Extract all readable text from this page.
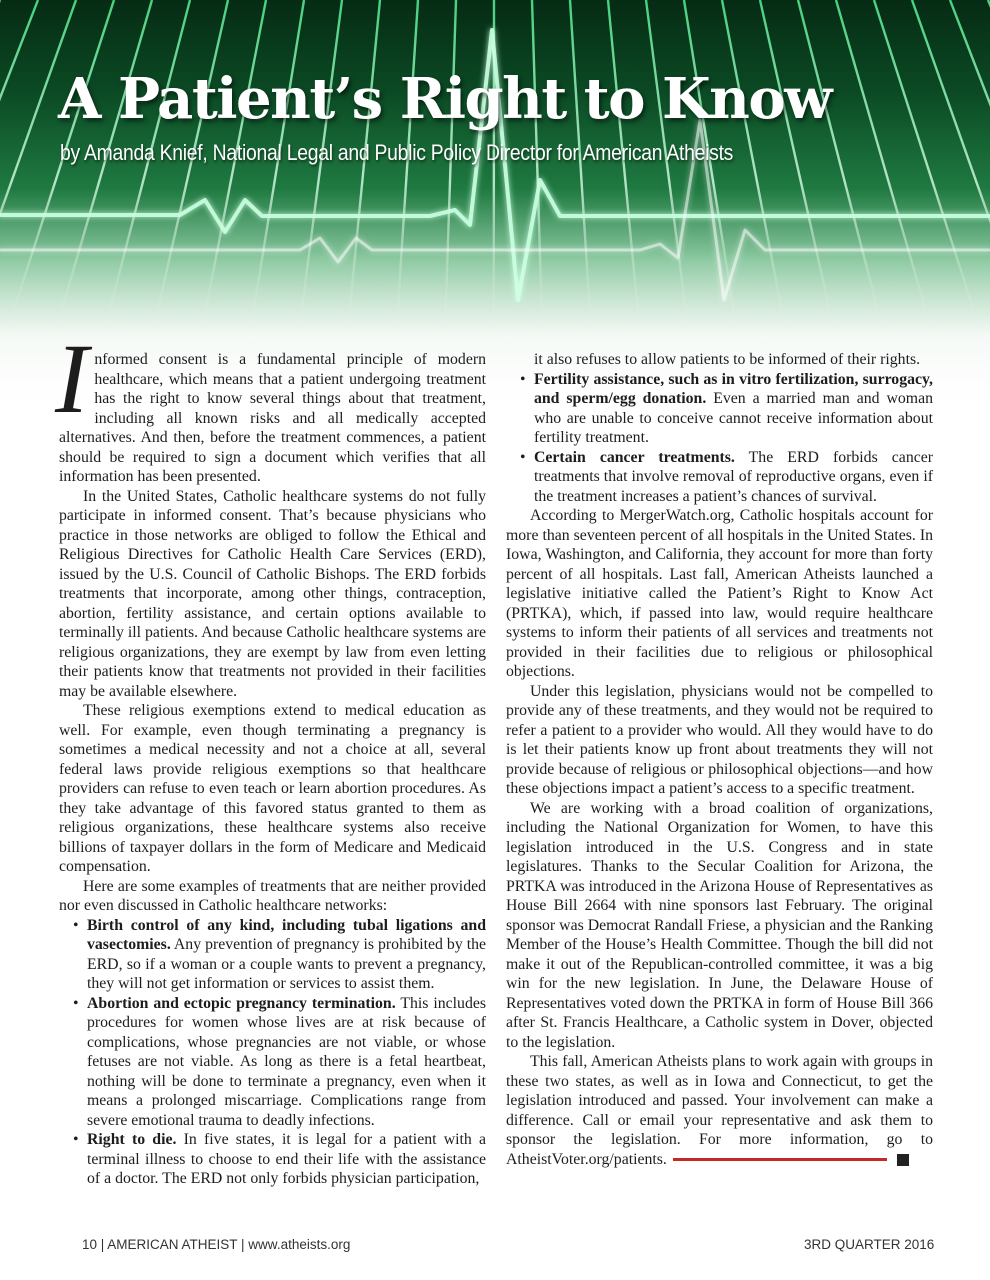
A Patient’s Right to Know

by Amanda Knief, National Legal and Public Policy Director for American Atheists

Informed consent is a fundamental principle of modern healthcare, which means that a patient undergoing treatment has the right to know several things about that treatment, including all known risks and all medically accepted alternatives. And then, before the treatment commences, a patient should be required to sign a document which verifies that all information has been presented.

In the United States, Catholic healthcare systems do not fully participate in informed consent. That’s because physicians who practice in those networks are obliged to follow the Ethical and Religious Directives for Catholic Health Care Services (ERD), issued by the U.S. Council of Catholic Bishops. The ERD forbids treatments that incorporate, among other things, contraception, abortion, fertility assistance, and certain options available to terminally ill patients. And because Catholic healthcare systems are religious organizations, they are exempt by law from even letting their patients know that treatments not provided in their facilities may be available elsewhere.

These religious exemptions extend to medical education as well. For example, even though terminating a pregnancy is sometimes a medical necessity and not a choice at all, several federal laws provide religious exemptions so that healthcare providers can refuse to even teach or learn abortion procedures. As they take advantage of this favored status granted to them as religious organizations, these healthcare systems also receive billions of taxpayer dollars in the form of Medicare and Medicaid compensation.

Here are some examples of treatments that are neither provided nor even discussed in Catholic healthcare networks:

• Birth control of any kind, including tubal ligations and vasectomies. Any prevention of pregnancy is prohibited by the ERD, so if a woman or a couple wants to prevent a pregnancy, they will not get information or services to assist them.
• Abortion and ectopic pregnancy termination. This includes procedures for women whose lives are at risk because of complications, whose pregnancies are not viable, or whose fetuses are not viable. As long as there is a fetal heartbeat, nothing will be done to terminate a pregnancy, even when it means a prolonged miscarriage. Complications range from severe emotional trauma to deadly infections.
• Right to die. In five states, it is legal for a patient with a terminal illness to choose to end their life with the assistance of a doctor. The ERD not only forbids physician participation,
it also refuses to allow patients to be informed of their rights.
• Fertility assistance, such as in vitro fertilization, surrogacy, and sperm/egg donation. Even a married man and woman who are unable to conceive cannot receive information about fertility treatment.
• Certain cancer treatments. The ERD forbids cancer treatments that involve removal of reproductive organs, even if the treatment increases a patient’s chances of survival.

According to MergerWatch.org, Catholic hospitals account for more than seventeen percent of all hospitals in the United States. In Iowa, Washington, and California, they account for more than forty percent of all hospitals. Last fall, American Atheists launched a legislative initiative called the Patient’s Right to Know Act (PRTKA), which, if passed into law, would require healthcare systems to inform their patients of all services and treatments not provided in their facilities due to religious or philosophical objections.

Under this legislation, physicians would not be compelled to provide any of these treatments, and they would not be required to refer a patient to a provider who would. All they would have to do is let their patients know up front about treatments they will not provide because of religious or philosophical objections—and how these objections impact a patient’s access to a specific treatment.

We are working with a broad coalition of organizations, including the National Organization for Women, to have this legislation introduced in the U.S. Congress and in state legislatures. Thanks to the Secular Coalition for Arizona, the PRTKA was introduced in the Arizona House of Representatives as House Bill 2664 with nine sponsors last February. The original sponsor was Democrat Randall Friese, a physician and the Ranking Member of the House’s Health Committee. Though the bill did not make it out of the Republican-controlled committee, it was a big win for the new legislation. In June, the Delaware House of Representatives voted down the PRTKA in form of House Bill 366 after St. Francis Healthcare, a Catholic system in Dover, objected to the legislation.

This fall, American Atheists plans to work again with groups in these two states, as well as in Iowa and Connecticut, to get the legislation introduced and passed. Your involvement can make a difference. Call or email your representative and ask them to sponsor the legislation. For more information, go to AtheistVoter.org/patients.

10 | AMERICAN ATHEIST | www.atheists.org	3RD QUARTER 2016
